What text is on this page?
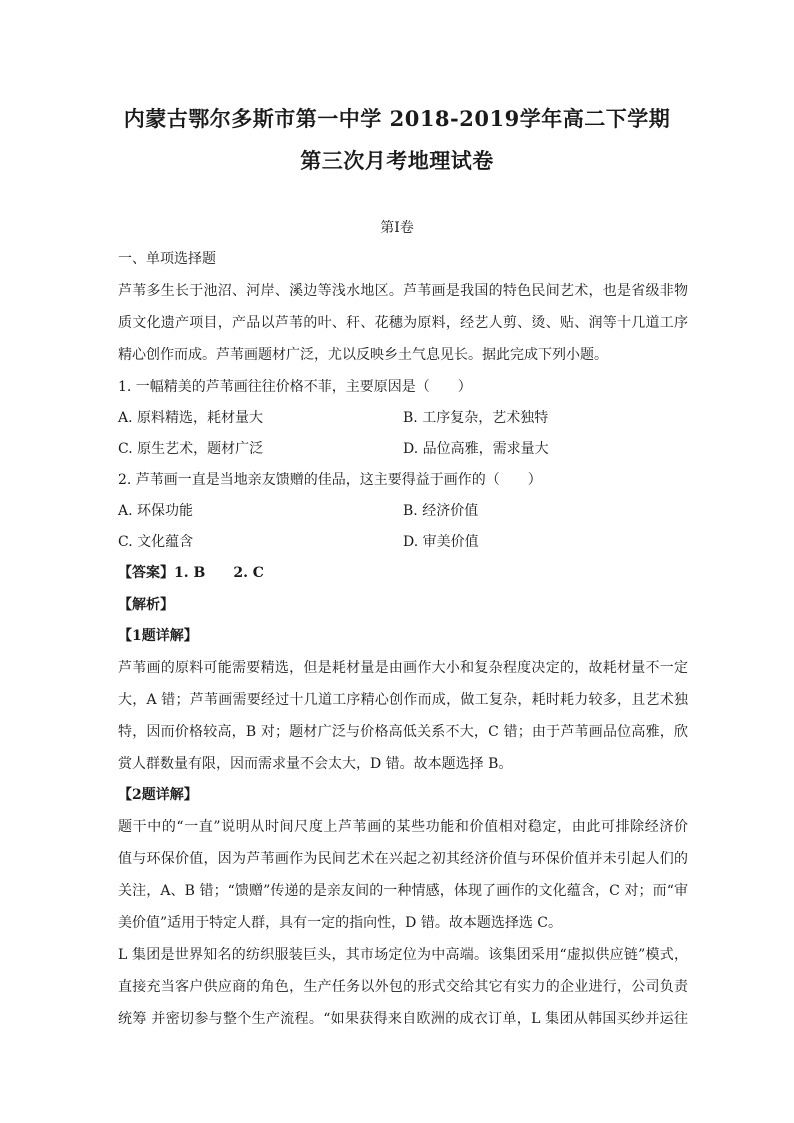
内蒙古鄂尔多斯市第一中学 2018-2019学年高二下学期
第三次月考地理试卷
第I卷
一、单项选择题
芦苇多生长于池沼、河岸、溪边等浅水地区。芦苇画是我国的特色民间艺术，也是省级非物
质文化遗产项目，产品以芦苇的叶、秆、花穗为原料，经艺人剪、烫、贴、润等十几道工序
精心创作而成。芦苇画题材广泛，尤以反映乡土气息见长。据此完成下列小题。
1. 一幅精美的芦苇画往往价格不菲，主要原因是（　　）
A. 原料精选，耗材量大	B. 工序复杂，艺术独特
C. 原生艺术，题材广泛	D. 品位高雅，需求量大
2. 芦苇画一直是当地亲友馈赠的佳品，这主要得益于画作的（　　）
A. 环保功能	B. 经济价值
C. 文化蕴含	D. 审美价值
【答案】1. B　　2. C
【解析】
【1题详解】
芦苇画的原料可能需要精选，但是耗材量是由画作大小和复杂程度决定的，故耗材量不一定
大，A 错；芦苇画需要经过十几道工序精心创作而成，做工复杂，耗时耗力较多，且艺术独
特，因而价格较高，B 对；题材广泛与价格高低关系不大，C 错；由于芦苇画品位高雅，欣
赏人群数量有限，因而需求量不会太大，D 错。故本题选择 B。
【2题详解】
题干中的“一直”说明从时间尺度上芦苇画的某些功能和价值相对稳定，由此可排除经济价
值与环保价值，因为芦苇画作为民间艺术在兴起之初其经济价值与环保价值并未引起人们的
关注，A、B 错；“馈赠”传递的是亲友间的一种情感，体现了画作的文化蕴含，C 对；而“审
美价值”适用于特定人群，具有一定的指向性，D 错。故本题选择选 C。
L 集团是世界知名的纺织服装巨头，其市场定位为中高端。该集团采用“虚拟供应链”模式，
直接充当客户供应商的角色，生产任务以外包的形式交给其它有实力的企业进行，公司负责
统筹 并密切参与整个生产流程。“如果获得来自欧洲的成衣订单，L 集团从韩国买纱并运往
